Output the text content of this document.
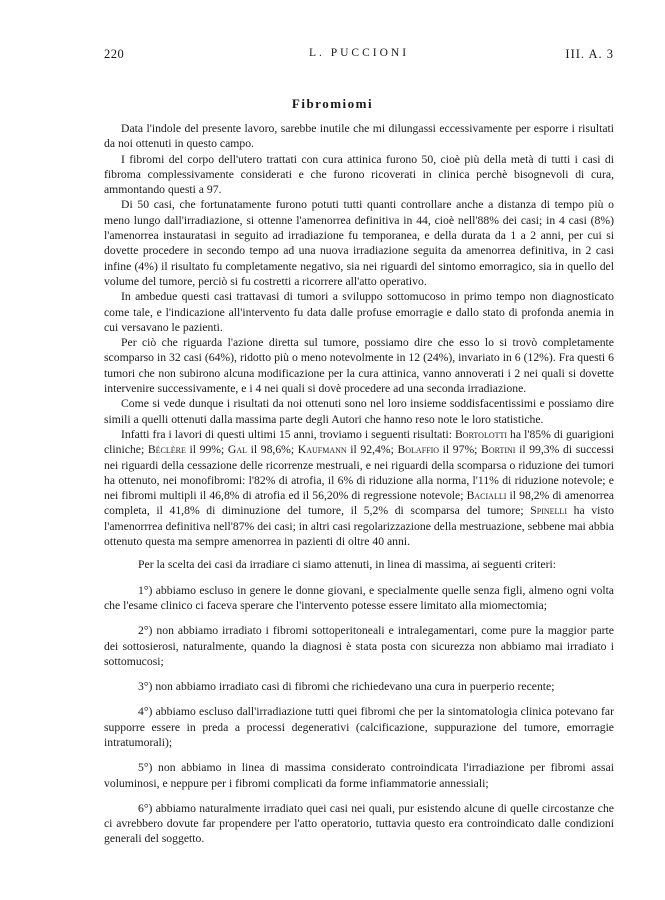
220	L. PUCCIONI	III. A. 3
Fibromiomi

Data l'indole del presente lavoro, sarebbe inutile che mi dilungassi eccessivamente per esporre i risultati da noi ottenuti in questo campo.

I fibromi del corpo dell'utero trattati con cura attinica furono 50, cioè più della metà di tutti i casi di fibroma complessivamente considerati e che furono ricoverati in clinica perchè bisognevoli di cura, ammontando questi a 97.

Di 50 casi, che fortunatamente furono potuti tutti quanti controllare anche a distanza di tempo più o meno lungo dall'irradiazione, si ottenne l'amenorrea definitiva in 44, cioè nell'88% dei casi; in 4 casi (8%) l'amenorrea instauratasi in seguito ad irradiazione fu temporanea, e della durata da 1 a 2 anni, per cui si dovette procedere in secondo tempo ad una nuova irradiazione seguita da amenorrea definitiva, in 2 casi infine (4%) il risultato fu completamente negativo, sia nei riguardi del sintomo emorragico, sia in quello del volume del tumore, perciò si fu costretti a ricorrere all'atto operativo.

In ambedue questi casi trattavasi di tumori a sviluppo sottomucoso in primo tempo non diagnosticato come tale, e l'indicazione all'intervento fu data dalle profuse emorragie e dallo stato di profonda anemia in cui versavano le pazienti.

Per ciò che riguarda l'azione diretta sul tumore, possiamo dire che esso lo si trovò completamente scomparso in 32 casi (64%), ridotto più o meno notevolmente in 12 (24%), invariato in 6 (12%). Fra questi 6 tumori che non subirono alcuna modificazione per la cura attinica, vanno annoverati i 2 nei quali si dovette intervenire successivamente, e i 4 nei quali si dovè procedere ad una seconda irradiazione.

Come si vede dunque i risultati da noi ottenuti sono nel loro insieme soddisfacentissimi e possiamo dire simili a quelli ottenuti dalla massima parte degli Autori che hanno reso note le loro statistiche.

Infatti fra i lavori di questi ultimi 15 anni, troviamo i seguenti risultati: Bortolotti ha l'85% di guarigioni cliniche; Béclère il 99%; Gal il 98,6%; Kaufmann il 92,4%; Bolaffio il 97%; Bortini il 99,3% di successi nei riguardi della cessazione delle ricorrenze mestruali, e nei riguardi della scomparsa o riduzione dei tumori ha ottenuto, nei monofibromi: l'82% di atrofia, il 6% di riduzione alla norma, l'11% di riduzione notevole; e nei fibromi multipli il 46,8% di atrofia ed il 56,20% di regressione notevole; Bacialli il 98,2% di amenorrea completa, il 41,8% di diminuzione del tumore, il 5,2% di scomparsa del tumore; Spinelli ha visto l'amenorrrea definitiva nell'87% dei casi; in altri casi regolarizzazione della mestruazione, sebbene mai abbia ottenuto questa ma sempre amenorrea in pazienti di oltre 40 anni.

Per la scelta dei casi da irradiare ci siamo attenuti, in linea di massima, ai seguenti criteri:

1°) abbiamo escluso in genere le donne giovani, e specialmente quelle senza figli, almeno ogni volta che l'esame clinico ci faceva sperare che l'intervento potesse essere limitato alla miomectomia;

2°) non abbiamo irradiato i fibromi sottoperitoneali e intralegamentari, come pure la maggior parte dei sottosierosi, naturalmente, quando la diagnosi è stata posta con sicurezza non abbiamo mai irradiato i sottomucosi;

3°) non abbiamo irradiato casi di fibromi che richiedevano una cura in puerperio recente;

4°) abbiamo escluso dall'irradiazione tutti quei fibromi che per la sintomatologia clinica potevano far supporre essere in preda a processi degenerativi (calcificazione, suppurazione del tumore, emorragie intratumorali);

5°) non abbiamo in linea di massima considerato controindicata l'irradiazione per fibromi assai voluminosi, e neppure per i fibromi complicati da forme infiammatorie annessiali;

6°) abbiamo naturalmente irradiato quei casi nei quali, pur esistendo alcune di quelle circostanze che ci avrebbero dovute far propendere per l'atto operatorio, tuttavia questo era controindicato dalle condizioni generali del soggetto.
